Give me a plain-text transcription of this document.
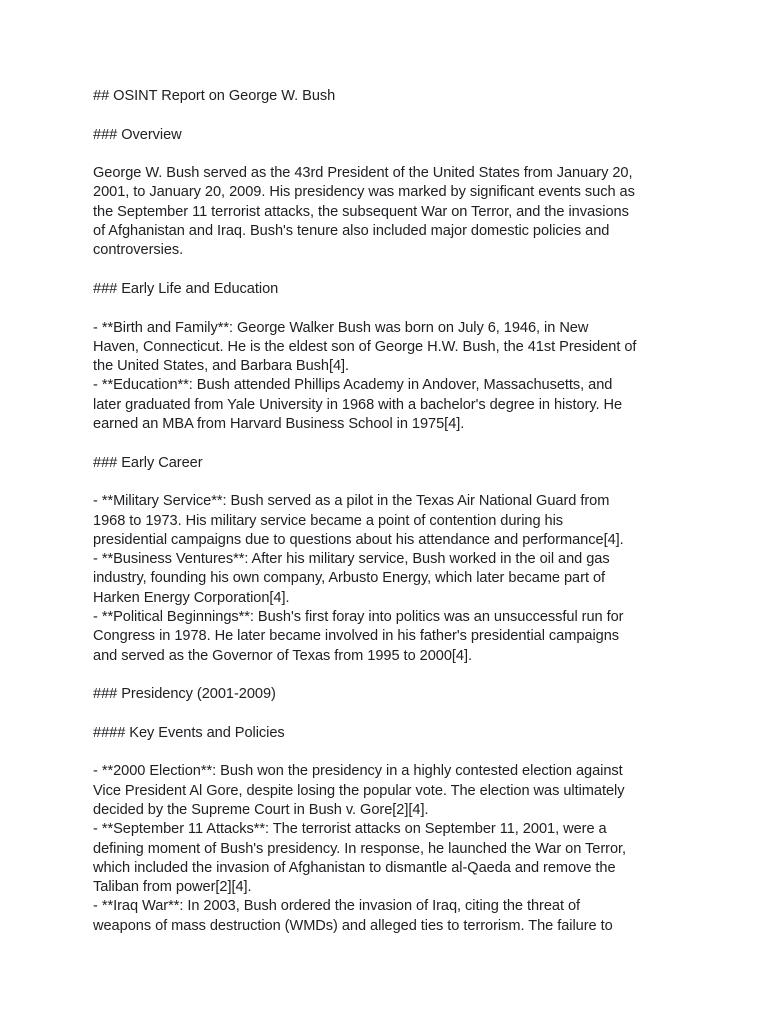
## OSINT Report on George W. Bush
### Overview
George W. Bush served as the 43rd President of the United States from January 20,
2001, to January 20, 2009. His presidency was marked by significant events such as
the September 11 terrorist attacks, the subsequent War on Terror, and the invasions
of Afghanistan and Iraq. Bush's tenure also included major domestic policies and
controversies.
### Early Life and Education
- **Birth and Family**: George Walker Bush was born on July 6, 1946, in New
Haven, Connecticut. He is the eldest son of George H.W. Bush, the 41st President of
the United States, and Barbara Bush[4].
- **Education**: Bush attended Phillips Academy in Andover, Massachusetts, and
later graduated from Yale University in 1968 with a bachelor's degree in history. He
earned an MBA from Harvard Business School in 1975[4].
### Early Career
- **Military Service**: Bush served as a pilot in the Texas Air National Guard from
1968 to 1973. His military service became a point of contention during his
presidential campaigns due to questions about his attendance and performance[4].
- **Business Ventures**: After his military service, Bush worked in the oil and gas
industry, founding his own company, Arbusto Energy, which later became part of
Harken Energy Corporation[4].
- **Political Beginnings**: Bush's first foray into politics was an unsuccessful run for
Congress in 1978. He later became involved in his father's presidential campaigns
and served as the Governor of Texas from 1995 to 2000[4].
### Presidency (2001-2009)
#### Key Events and Policies
- **2000 Election**: Bush won the presidency in a highly contested election against
Vice President Al Gore, despite losing the popular vote. The election was ultimately
decided by the Supreme Court in Bush v. Gore[2][4].
- **September 11 Attacks**: The terrorist attacks on September 11, 2001, were a
defining moment of Bush's presidency. In response, he launched the War on Terror,
which included the invasion of Afghanistan to dismantle al-Qaeda and remove the
Taliban from power[2][4].
- **Iraq War**: In 2003, Bush ordered the invasion of Iraq, citing the threat of
weapons of mass destruction (WMDs) and alleged ties to terrorism. The failure to
